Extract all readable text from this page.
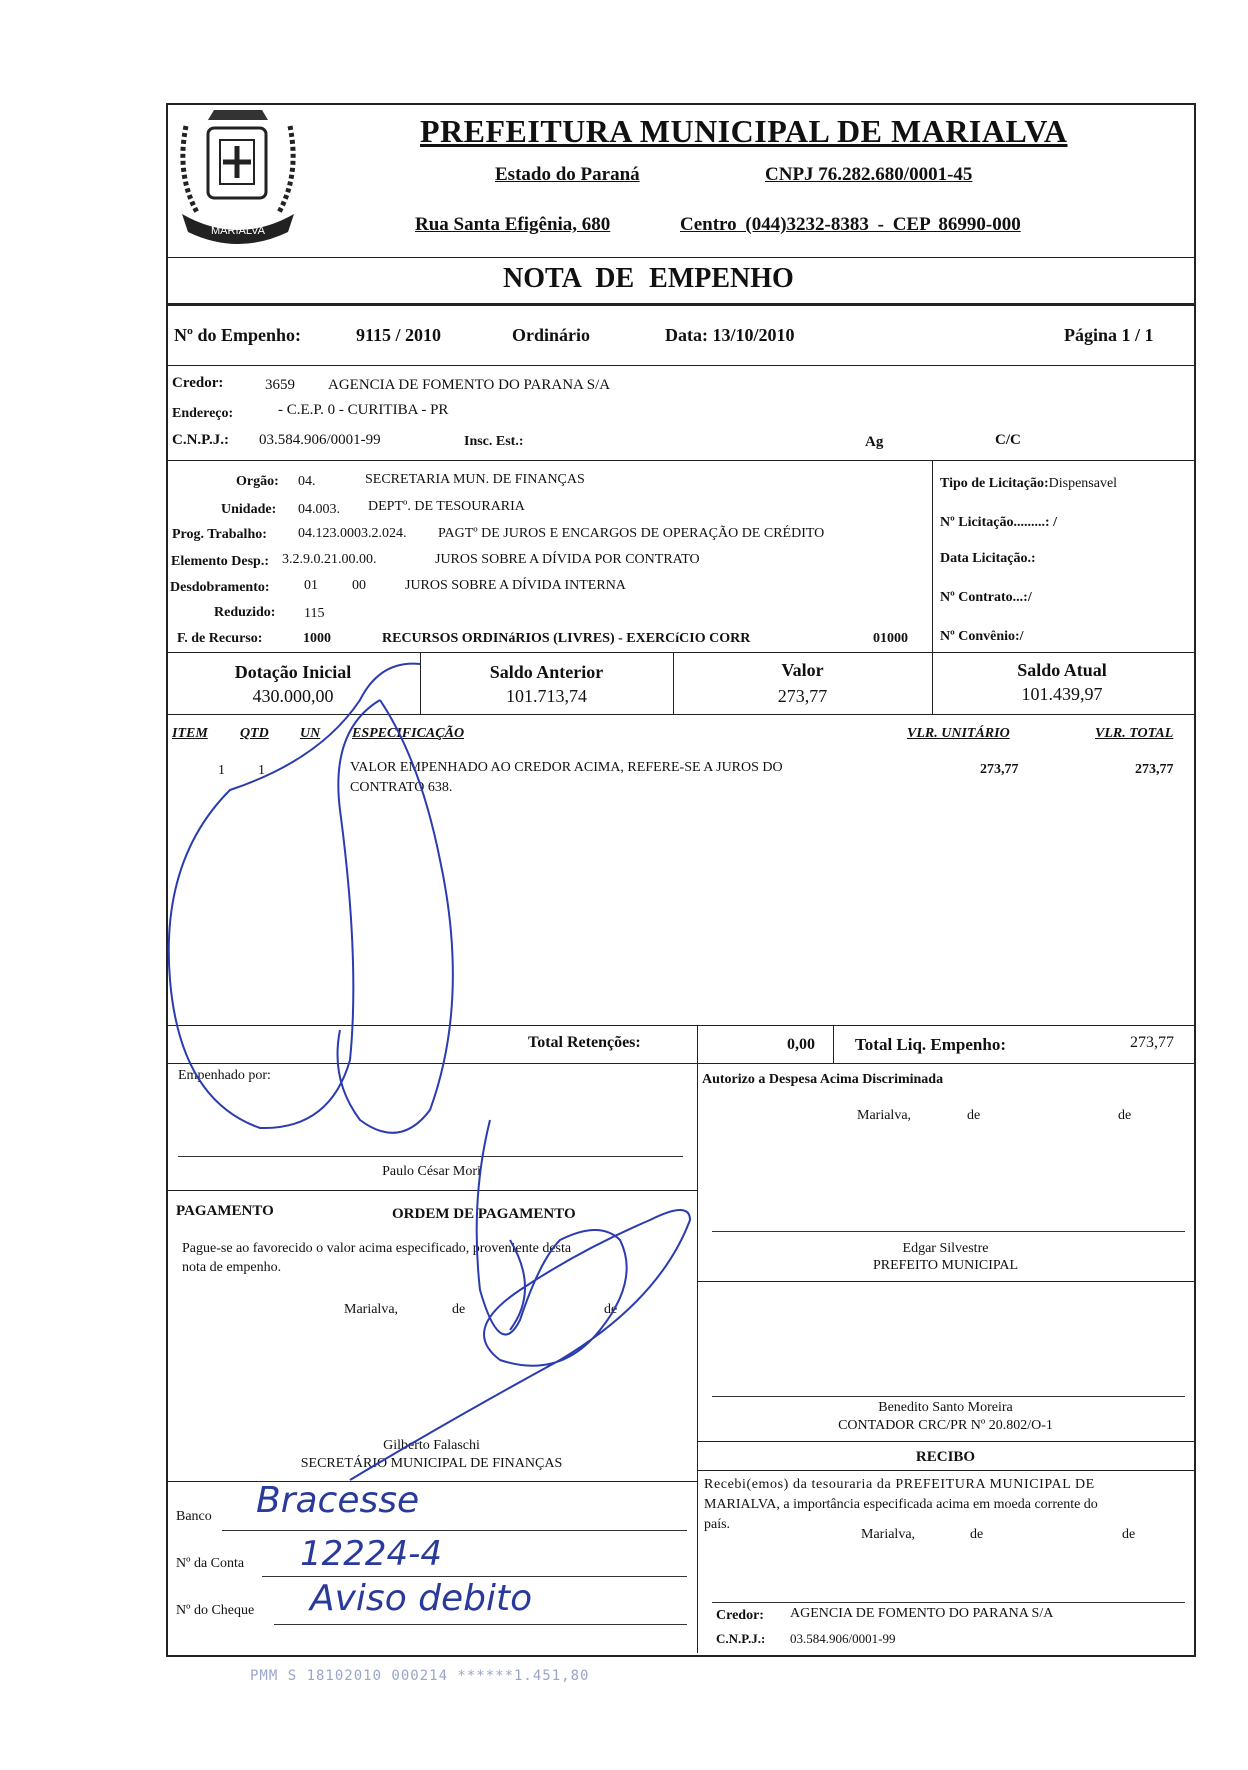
MARIALVA
PREFEITURA MUNICIPAL DE MARIALVA
Estado do Paraná	CNPJ 76.282.680/0001-45
Rua Santa Efigênia, 680	Centro (044)3232-8383 - CEP 86990-000
NOTA DE EMPENHO
Nº do Empenho:	9115 / 2010	Ordinário	Data: 13/10/2010	Página 1 / 1
Credor:	3659 AGENCIA DE FOMENTO DO PARANA S/A
Endereço:	- C.E.P. 0 - CURITIBA - PR
C.N.P.J.: 03.584.906/0001-99	Insc. Est.:	Ag	C/C
Orgão: 04.	SECRETARIA MUN. DE FINANÇAS
Unidade: 04.003. DEPTº. DE TESOURARIA
Prog. Trabalho: 04.123.0003.2.024. PAGTº DE JUROS E ENCARGOS DE OPERAÇÃO DE CRÉDITO
Elemento Desp.: 3.2.9.0.21.00.00.	JUROS SOBRE A DÍVIDA POR CONTRATO
Desdobramento: 01 00	JUROS SOBRE A DÍVIDA INTERNA
Reduzido: 115
F. de Recurso:	1000	RECURSOS ORDINáRIOS (LIVRES) - EXERCíCIO CORR	01000
Tipo de Licitação:Dispensavel
Nº Licitação.........: /
Data Licitação.:
Nº Contrato...:/
Nº Convênio:/
Dotação Inicial
430.000,00
Saldo Anterior
101.713,74
Valor
273,77
Saldo Atual
101.439,97
ITEM QTD UN ESPECIFICAÇÃO	VLR. UNITÁRIO	VLR. TOTAL
1 1	VALOR EMPENHADO AO CREDOR ACIMA, REFERE-SE A JUROS DO
CONTRATO 638.
273,77	273,77
Total Retenções:	0,00 Total Liq. Empenho:	273,77
Empenhado por:
Paulo César Mori
Autorizo a Despesa Acima Discriminada
Marialva,	de	de
Edgar Silvestre
PREFEITO MUNICIPAL
Benedito Santo Moreira
CONTADOR CRC/PR Nº 20.802/O-1
PAGAMENTO	ORDEM DE PAGAMENTO
Pague-se ao favorecido o valor acima especificado, proveniente desta
nota de empenho.
Marialva,	de	de
Gilberto Falaschi
SECRETÁRIO MUNICIPAL DE FINANÇAS
Banco Bracesse
Nº da Conta 12224-4
Nº do Cheque Aviso debito
RECIBO
Recebi(emos) da tesouraria da PREFEITURA MUNICIPAL DE
MARIALVA, a importância especificada acima em moeda corrente do
país.
Marialva,	de	de
Credor: AGENCIA DE FOMENTO DO PARANA S/A
C.N.P.J.: 03.584.906/0001-99
PMM S 18102010 000214 ******1.451,80
